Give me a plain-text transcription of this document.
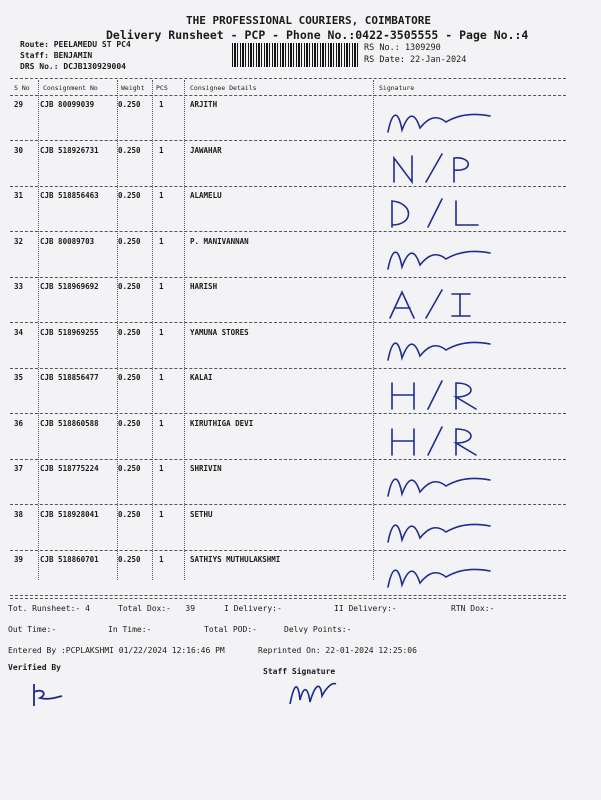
THE PROFESSIONAL COURIERS, COIMBATORE
Delivery Runsheet - PCP - Phone No.:0422-3505555 - Page No.:4
Route: PEELAMEDU ST PC4
Staff: BENJAMIN
DRS No.: DCJB130929004
RS No.: 1309290
RS Date: 22-Jan-2024
S No Consignment No	Weight PCS	Consignee Details	Signature
29 CJB 80099039	0.250 1	ARJITH
30 CJB 518926731	0.250 1	JAWAHAR
31 CJB 518856463	0.250 1	ALAMELU
32 CJB 80089703	0.250 1	P. MANIVANNAN
33 CJB 518969692	0.250 1	HARISH
34 CJB 518969255	0.250 1	YAMUNA STORES
35 CJB 518856477	0.250 1	KALAI
36 CJB 518860588	0.250 1	KIRUTHIGA DEVI
37 CJB 518775224	0.250 1	SHRIVIN
38 CJB 518928041	0.250 1	SETHU
39 CJB 518860701	0.250 1	SATHIYS MUTHULAKSHMI
Tot. Runsheet:- 4	Total Dox:-   39	I Delivery:-	II Delivery:-	RTN Dox:-
Out Time:-	In Time:-	Total POD:-	Delvy Points:-
Entered By :PCPLAKSHMI 01/22/2024 12:16:46 PM	Reprinted On: 22-01-2024 12:25:06
Verified By	Staff Signature
